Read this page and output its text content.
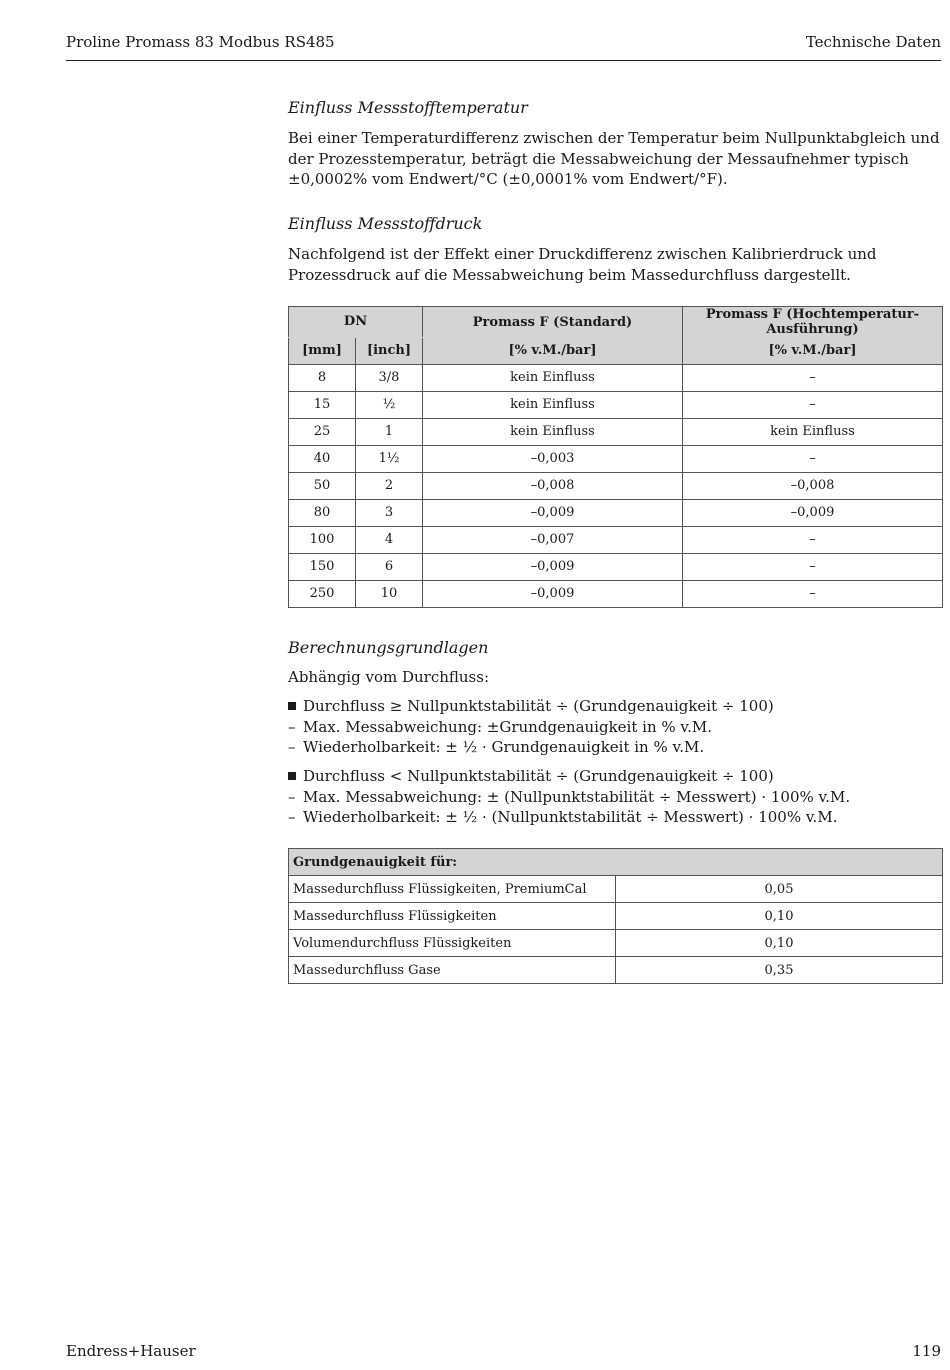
Proline Promass 83 Modbus RS485	Technische Daten
Einfluss Messstofftemperatur
Bei einer Temperaturdifferenz zwischen der Temperatur beim Nullpunktabgleich und der Prozesstemperatur, beträgt die Messabweichung der Messaufnehmer typisch ±0,0002% vom Endwert/°C (±0,0001% vom Endwert/°F).
Einfluss Messstoffdruck
Nachfolgend ist der Effekt einer Druckdifferenz zwischen Kalibrierdruck und Prozessdruck auf die Messabweichung beim Massedurchfluss dargestellt.
DN		Promass F (Standard)	Promass F (Hochtemperatur-Ausführung)
[mm]	[inch]	[% v.M./bar]	[% v.M./bar]
8	3/8	kein Einfluss	–
15	½	kein Einfluss	–
25	1	kein Einfluss	kein Einfluss
40	1½	–0,003	–
50	2	–0,008	–0,008
80	3	–0,009	–0,009
100	4	–0,007	–
150	6	–0,009	–
250	10	–0,009	–
Berechnungsgrundlagen
Abhängig vom Durchfluss:
Durchfluss ≥ Nullpunktstabilität ÷ (Grundgenauigkeit ÷ 100)
– Max. Messabweichung: ±Grundgenauigkeit in % v.M.
– Wiederholbarkeit: ± ½ · Grundgenauigkeit in % v.M.
Durchfluss < Nullpunktstabilität ÷ (Grundgenauigkeit ÷ 100)
– Max. Messabweichung: ± (Nullpunktstabilität ÷ Messwert) · 100% v.M.
– Wiederholbarkeit: ± ½ · (Nullpunktstabilität ÷ Messwert) · 100% v.M.
Grundgenauigkeit für:	
Massedurchfluss Flüssigkeiten, PremiumCal	0,05
Massedurchfluss Flüssigkeiten	0,10
Volumendurchfluss Flüssigkeiten	0,10
Massedurchfluss Gase	0,35
Endress+Hauser	119
